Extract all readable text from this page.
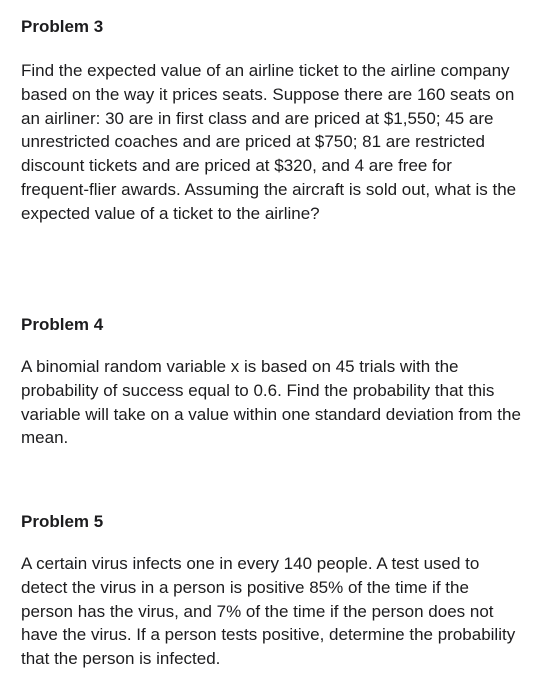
Problem 3

Find the expected value of an airline ticket to the airline company based on the way it prices seats. Suppose there are 160 seats on an airliner: 30 are in first class and are priced at $1,550; 45 are unrestricted coaches and are priced at $750; 81 are restricted discount tickets and are priced at $320, and 4 are free for frequent-flier awards. Assuming the aircraft is sold out, what is the expected value of a ticket to the airline?

Problem 4

A binomial random variable x is based on 45 trials with the probability of success equal to 0.6. Find the probability that this variable will take on a value within one standard deviation from the mean.

Problem 5

A certain virus infects one in every 140 people. A test used to detect the virus in a person is positive 85% of the time if the person has the virus, and 7% of the time if the person does not have the virus. If a person tests positive, determine the probability that the person is infected.
